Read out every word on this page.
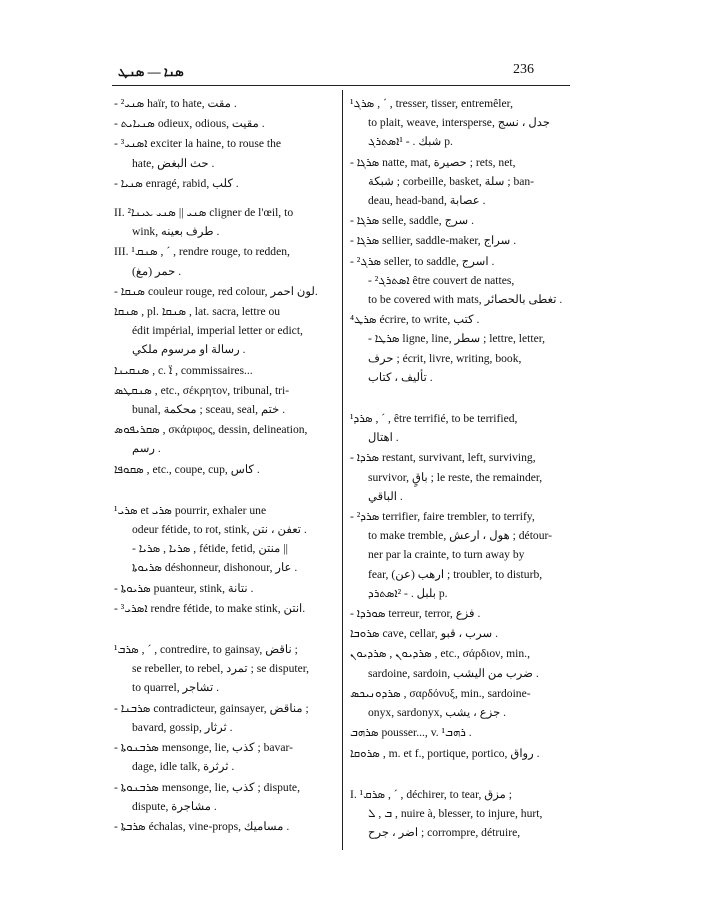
ܣܢܐ — ܣܢܛ	236
- ²ܣܢܝ haïr, to hate, مقت .
- ܣܢܝܐܝܬ odieux, odious, مقيت .
- ³ܐܣܢܝ exciter la haine, to rouse the
hate, حث البغض .
- ܣܢܝܐ enragé, rabid, كلب .
II. ²ܣܢܝ || ܣܢܝ ܥܝܢܐ cligner de l'œil, to
wink, طرف بعينه .
III. ¹ܣܢܩ , ´ , rendre rouge, to redden,
(مغ) حمر .
- ܣܢܩܐ couleur rouge, red colour, لون احمر.
ܣܢܩܐ , pl. ܣܢܩܐ , lat. sacra, lettre ou
édit impérial, imperial letter or edict,
رسالة او مرسوم ملكي .
ܣܢܩܝܢܐ , c. ܐ̈ , commissaires...
ܣܢܩܛܣ , etc., σέκρητον, tribunal, tri-
bunal, محكمة ; sceau, seal, ختم .
ܣܩܪܝܦܘܣ , σκάριφος, dessin, delineation,
رسم .
ܣܩܘܦܐ , etc., coupe, cup, كاس .
¹ܣܪܝ et ܣܪܝ pourrir, exhaler une
odeur fétide, to rot, stink, تعفن ، نتن .
- ܣܪܝܐ , ܣܪܝܐ , fétide, fetid, منتن ||
ܣܪܝܘܬܐ déshonneur, dishonour, عار .
- ܣܪܝܘܬܐ puanteur, stink, نتانة .
- ³ܐܣܪܝ rendre fétide, to make stink, انتن.
¹ܣܪܒ , ´ , contredire, to gainsay, ناقض ;
se rebeller, to rebel, تمرد ; se disputer,
to quarrel, تشاجر .
- ܣܪܒܢܐ contradicteur, gainsayer, مناقض ;
bavard, gossip, ثرثار .
- ܣܪܒܢܘܬܐ mensonge, lie, كذب ; bavar-
dage, idle talk, ثرثرة .
- ܣܪܒܢܘܬܐ mensonge, lie, كذب ; dispute,
dispute, مشاجرة .
- ܣܪܒܬܐ échalas, vine-props, مساميك .
¹ܣܪܓ , ´ , tresser, tisser, entremêler,
to plait, weave, intersperse, جدل ، نسج
شبك . - ¹ܐܣܬܪܓ p.
- ܣܪܓܐ natte, mat, حصيرة ; rets, net,
شبكة ; corbeille, basket, سلة ; ban-
deau, head-band, عصابة .
- ܣܪܓܐ selle, saddle, سرج .
- ܣܪܓܐ sellier, saddle-maker, سراج .
- ²ܣܪܓ seller, to saddle, اسرج .
- ²ܐܣܬܪܓ être couvert de nattes,
to be covered with mats, تغطى بالحصائر .
⁴ܣܪܛ écrire, to write, كتب .
- ܣܪܛܐ ligne, line, سطر ; lettre, letter,
حرف ; écrit, livre, writing, book,
تأليف ، كتاب .
¹ܣܪܕ , ´ , être terrifié, to be terrified,
اهتال .
- ܣܪܕܐ restant, survivant, left, surviving,
survivor, باقٍ ; le reste, the remainder,
الباقي .
- ²ܣܪܕ terrifier, faire trembler, to terrify,
to make tremble, هول ، ارعش ; détour-
ner par la crainte, to turn away by
fear, (عن) ارهب ; troubler, to disturb,
بلبل . - ²ܐܣܬܪܕ p.
- ܣܘܪܕܐ terreur, terror, فزع .
ܣܪܘܒܐ cave, cellar, سرب ، قبو .
ܣܪܕܝܘܢ , ܣܪܕܝܘܢ , etc., σάρδιον, min.,
sardoine, sardoin, ضرب من اليشب .
ܣܪܕܘܢܝܟܣ , σαρδόνυξ, min., sardoine-
onyx, sardonyx, جزع ، يشب .
ܣܪܗܒ pousser..., v. ¹ܪܗܒ .
ܣܪܘܩܐ , m. et f., portique, portico, رواق .
I. ¹ܣܪܩ , ´ , déchirer, to tear, مزق ;
ܒ , ܠ , nuire à, blesser, to injure, hurt,
اضر ، جرح ; corrompre, détruire,
